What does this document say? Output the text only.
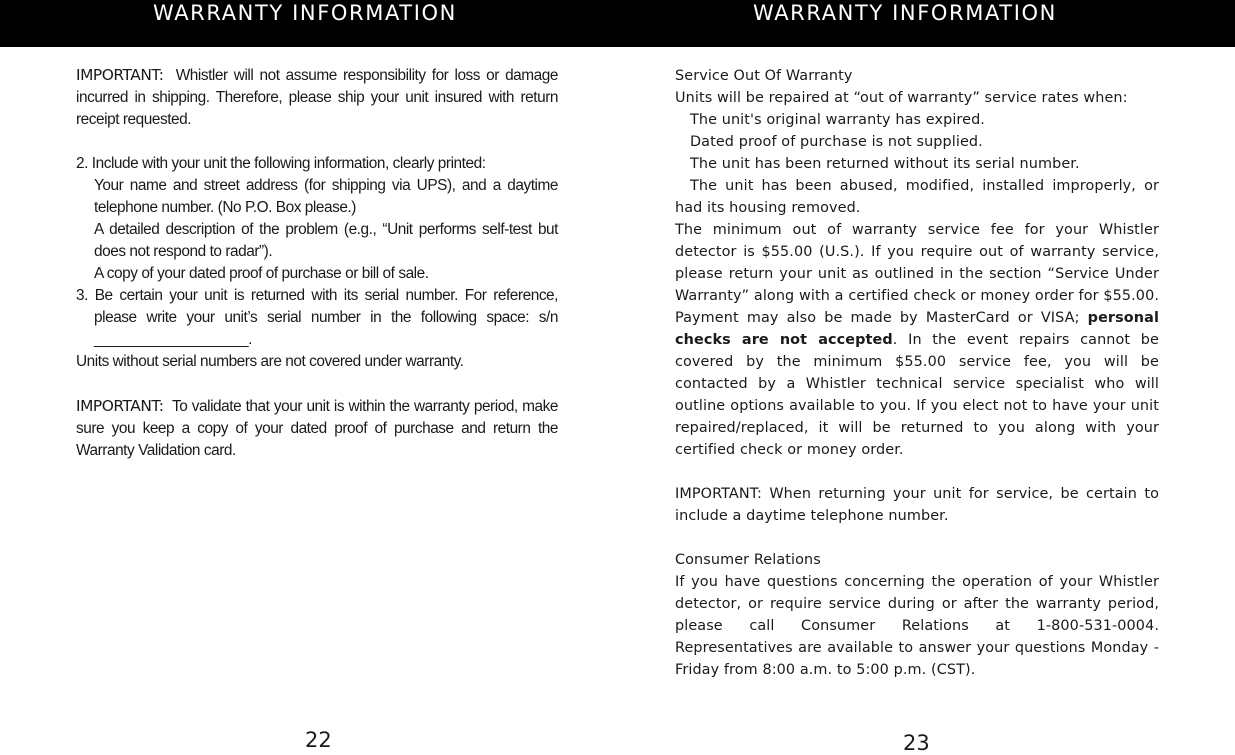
WARRANTY INFORMATION	WARRANTY INFORMATION

IMPORTANT: Whistler will not assume responsibility for loss or damage incurred in shipping. Therefore, please ship your unit insured with return receipt requested.

2. Include with your unit the following information, clearly printed:

Your name and street address (for shipping via UPS), and a daytime telephone number. (No P.O. Box please.)

A detailed description of the problem (e.g., “Unit performs self-test but does not respond to radar”).

A copy of your dated proof of purchase or bill of sale.

3. Be certain your unit is returned with its serial number. For reference, please write your unit’s serial number in the following space: s/n ___________________.

Units without serial numbers are not covered under warranty.

IMPORTANT: To validate that your unit is within the warranty period, make sure you keep a copy of your dated proof of purchase and return the Warranty Validation card.

22

Service Out Of Warranty

Units will be repaired at “out of warranty” service rates when:

The unit's original warranty has expired.

Dated proof of purchase is not supplied.

The unit has been returned without its serial number.

The unit has been abused, modified, installed improperly, or had its housing removed.

The minimum out of warranty service fee for your Whistler detector is $55.00 (U.S.). If you require out of warranty service, please return your unit as outlined in the section “Service Under Warranty” along with a certified check or money order for $55.00. Payment may also be made by MasterCard or VISA; personal checks are not accepted. In the event repairs cannot be covered by the minimum $55.00 service fee, you will be contacted by a Whistler technical service specialist who will outline options available to you. If you elect not to have your unit repaired/replaced, it will be returned to you along with your certified check or money order.

IMPORTANT: When returning your unit for service, be certain to include a daytime telephone number.

Consumer Relations

If you have questions concerning the operation of your Whistler detector, or require service during or after the warranty period, please call Consumer Relations at 1-800-531-0004. Representatives are available to answer your questions Monday - Friday from 8:00 a.m. to 5:00 p.m. (CST).

23
